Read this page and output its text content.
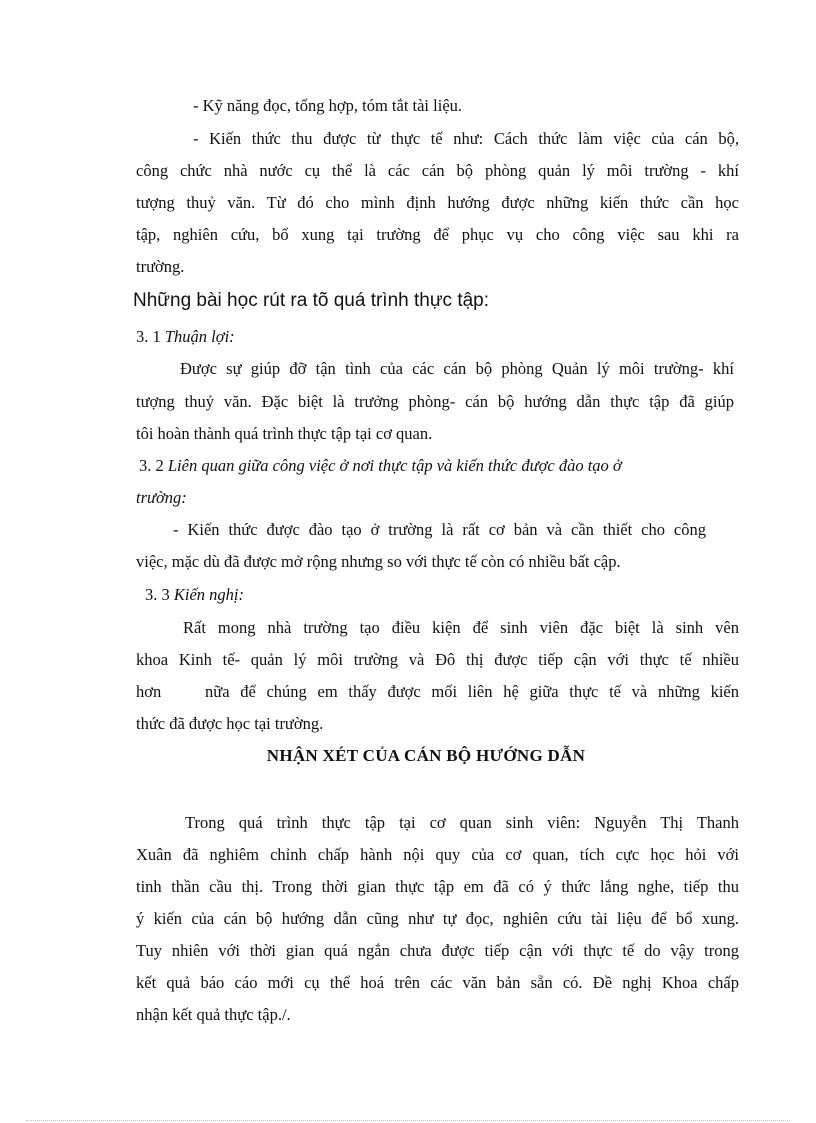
- Kỹ năng đọc, tổng hợp, tóm tắt tài liệu.
- Kiến thức thu được từ thực tế như: Cách thức làm việc của cán bộ,
công chức nhà nước cụ thể là các cán bộ phòng quản lý môi trường - khí
tượng thuỷ văn. Từ đó cho mình định hướng được những kiến thức cần học
tập, nghiên cứu, bổ xung tại trường để phục vụ cho công việc sau khi ra
trường.
Những bài học rút ra tõ quá trình thực tập:
3. 1 Thuận lợi:
Được sự giúp đỡ tận tình của các cán bộ phòng Quản lý môi trường- khí
tượng thuỷ văn. Đặc biệt là trưởng phòng- cán bộ hướng dẫn thực tập đã giúp
tôi hoàn thành quá trình thực tập tại cơ quan.
3. 2 Liên quan giữa công việc ở nơi thực tập và kiến thức được đào tạo ở
trường:
- Kiến thức được đào tạo ở trường là rất cơ bản và cần thiết cho công
việc, mặc dù đã được mở rộng nhưng so với thực tế còn có nhiều bất cập.
3. 3 Kiến nghị:
Rất mong nhà trường tạo điều kiện để sinh viên đặc biệt là sinh vên
khoa Kinh tế- quản lý môi trường và Đô thị được tiếp cận với thực tế nhiều
hơn	nữa để chúng em thấy được mối liên hệ giữa thực tế và những kiến
thức đã được học tại trường.
NHẬN XÉT CỦA CÁN BỘ HƯỚNG DẪN
Trong quá trình thực tập tại cơ quan sinh viên: Nguyễn Thị Thanh
Xuân đã nghiêm chỉnh chấp hành nội quy của cơ quan, tích cực học hỏi với
tinh thần cầu thị. Trong thời gian thực tập em đã có ý thức lắng nghe, tiếp thu
ý kiến của cán bộ hướng dẫn cũng như tự đọc, nghiên cứu tài liệu để bổ xung.
Tuy nhiên với thời gian quá ngắn chưa được tiếp cận với thực tế do vậy trong
kết quả báo cáo mới cụ thể hoá trên các văn bản sẵn có. Đề nghị Khoa chấp
nhận kết quả thực tập./.
